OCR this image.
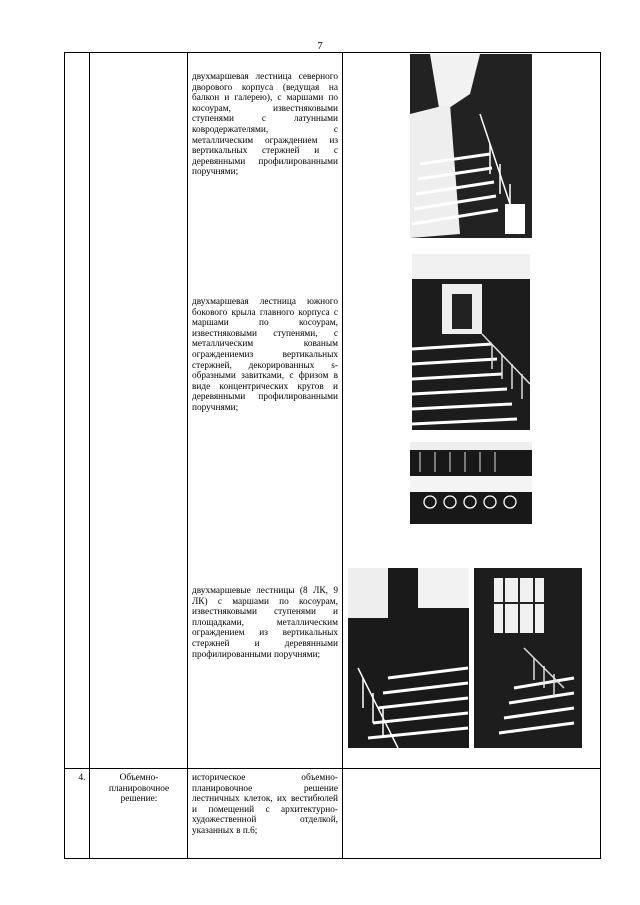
7

двухмаршевая лестница северного дворового корпуса (ведущая на балкон и галерею), с маршами по косоурам, известняковыми ступенями с латунными ковродержателями, с металлическим ограждением из вертикальных стержней и с деревянными профилированными поручнями;

двухмаршевая лестница южного бокового крыла главного корпуса с маршами по косоурам, известняковыми ступенями, с металлическим кованым ограждениемиз вертикальных стержней, декорированных s-образными завитками, с фризом в виде концентрических кругов и деревянными профилированными поручнями;

двухмаршевые лестницы (8 ЛК, 9 ЛК) с маршами по косоурам, известняковыми ступенями и площадками, металлическим ограждением из вертикальных стержней и деревянными профилированными поручнями;

4.	Объемно-планировочное решение:

историческое объемно-планировочное решение лестничных клеток, их вестибюлей и помещений с архитектурно-художественной отделкой, указанных в п.6;
